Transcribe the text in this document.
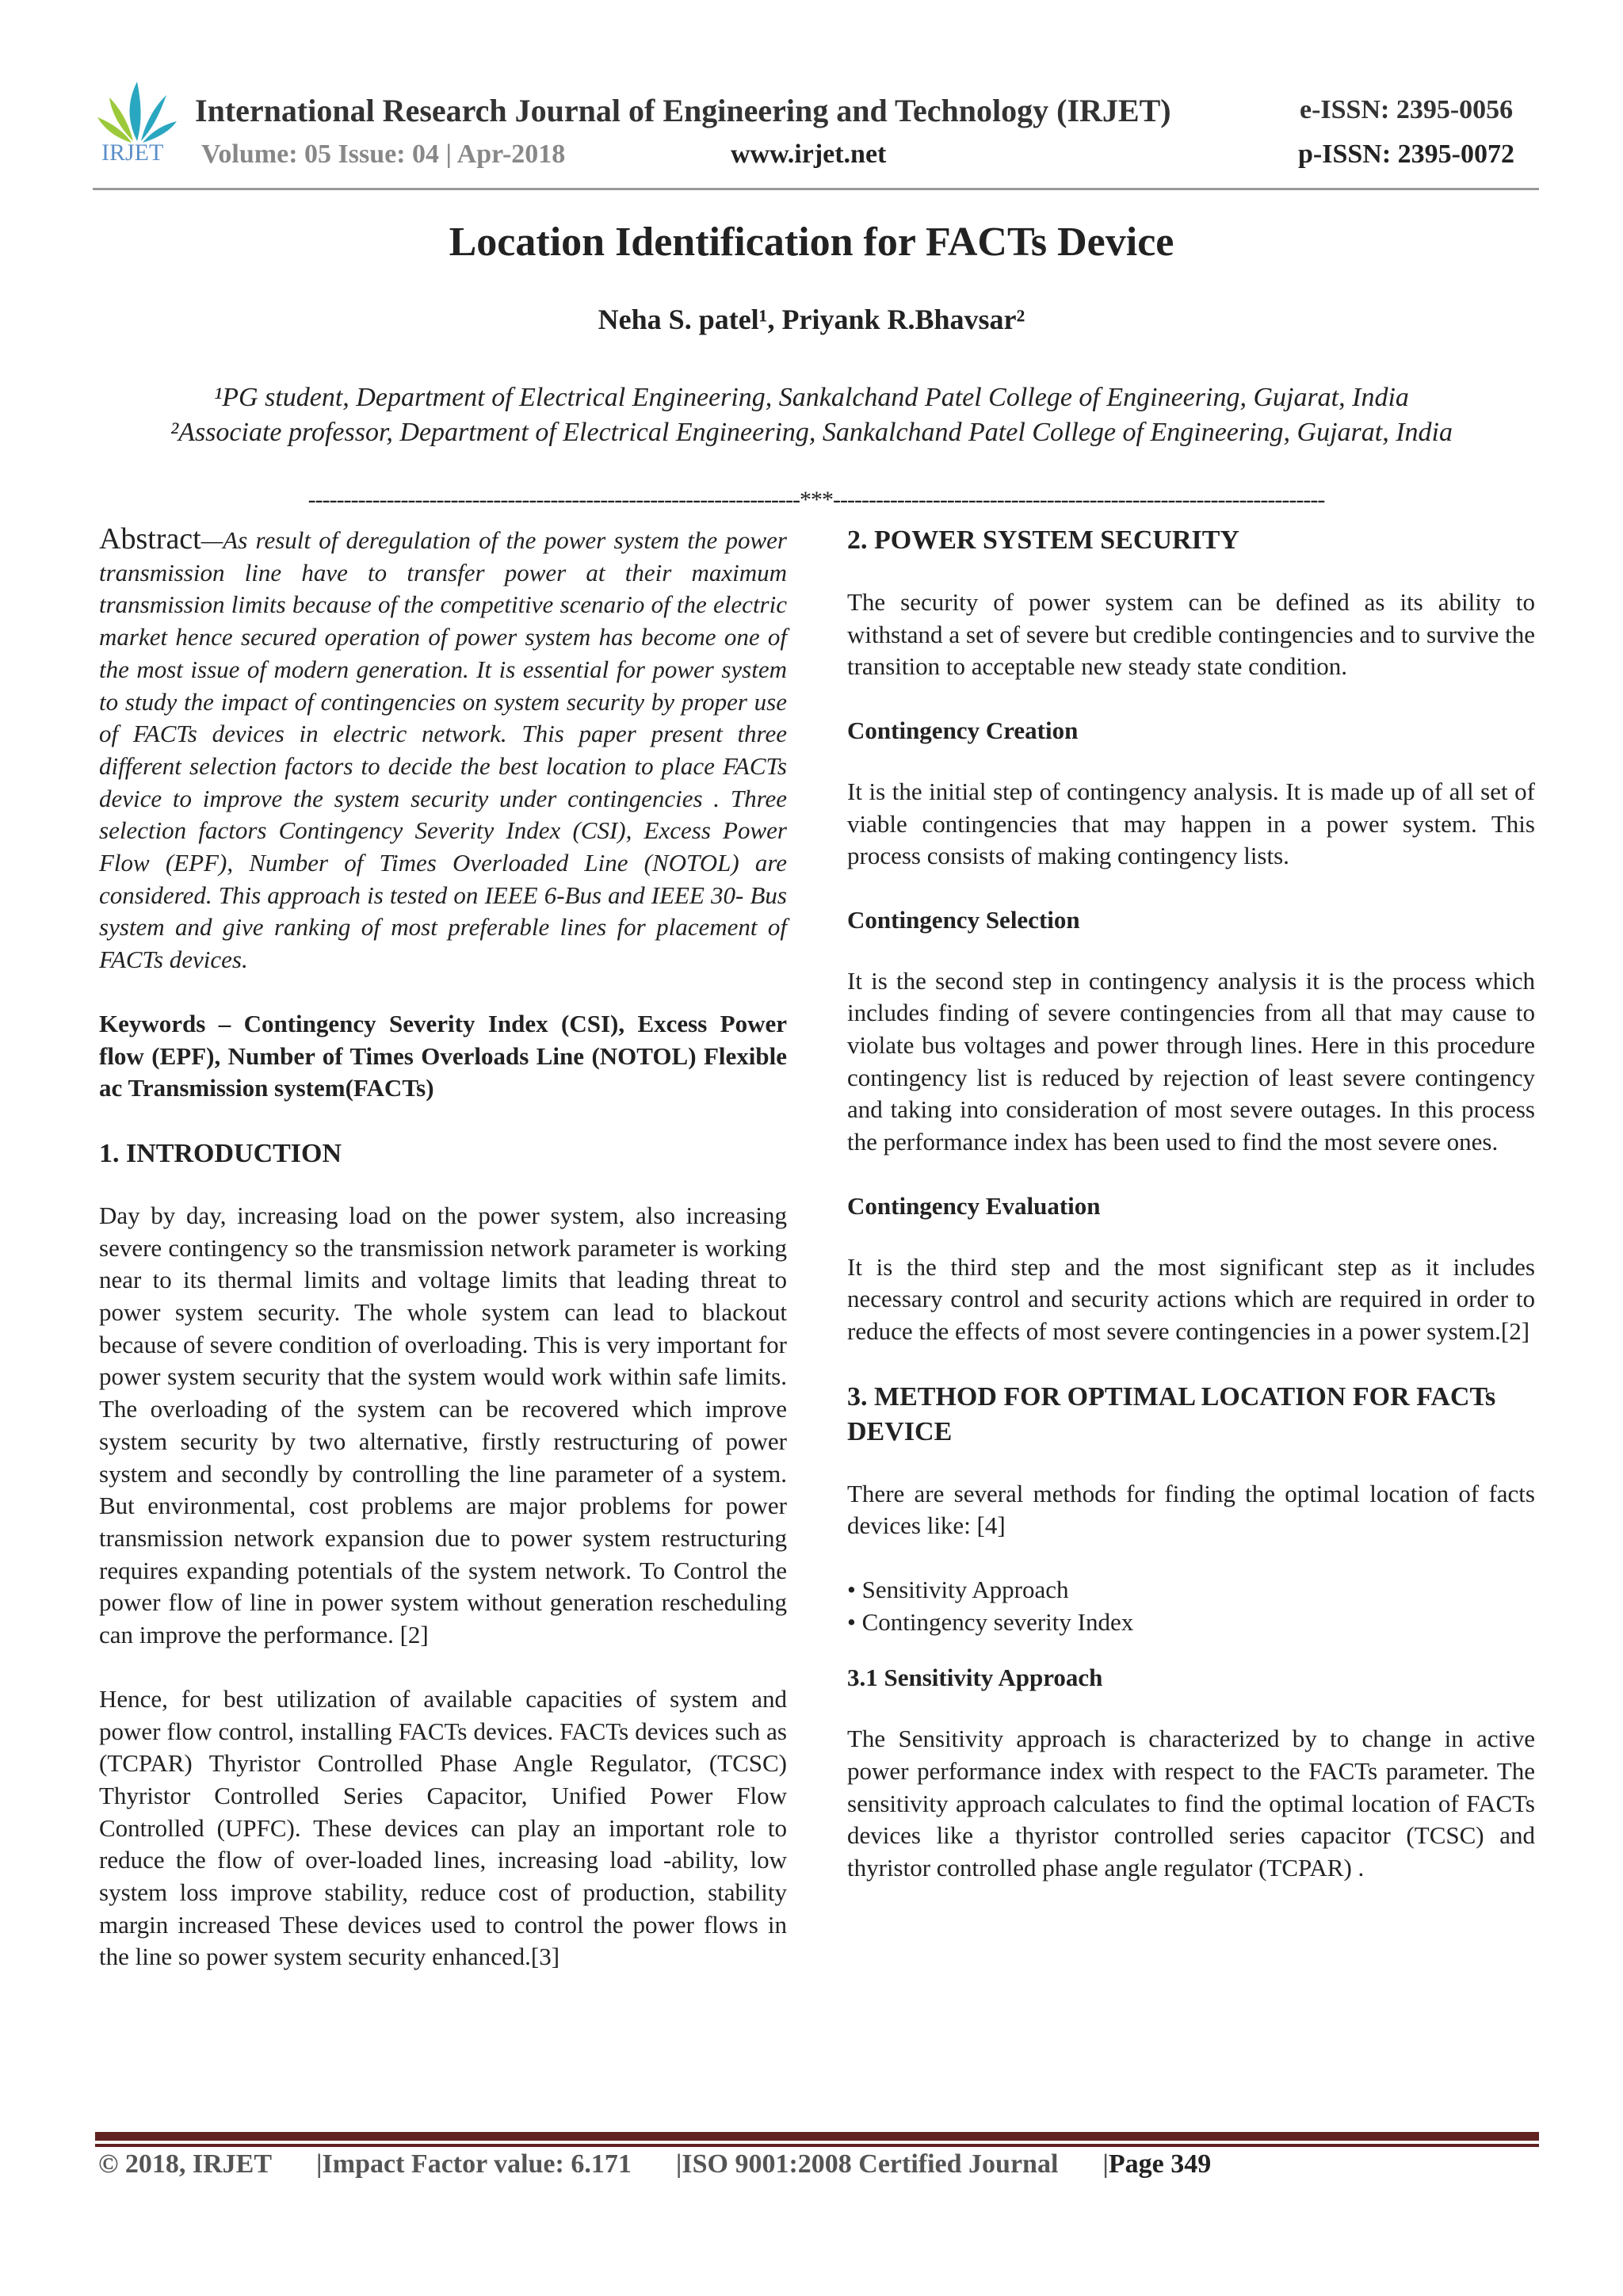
IRJET
International Research Journal of Engineering and Technology (IRJET)	e-ISSN: 2395-0056
Volume: 05 Issue: 04 | Apr-2018	www.irjet.net	p-ISSN: 2395-0072
Location Identification for FACTs Device
Neha S. patel¹, Priyank R.Bhavsar²
¹PG student, Department of Electrical Engineering, Sankalchand Patel College of Engineering, Gujarat, India
²Associate professor, Department of Electrical Engineering, Sankalchand Patel College of Engineering, Gujarat, India
---------------------------------------------------------------------***---------------------------------------------------------------------

Abstract—As result of deregulation of the power system the power transmission line have to transfer power at their maximum transmission limits because of the competitive scenario of the electric market hence secured operation of power system has become one of the most issue of modern generation. It is essential for power system to study the impact of contingencies on system security by proper use of FACTs devices in electric network. This paper present three different selection factors to decide the best location to place FACTs device to improve the system security under contingencies . Three selection factors Contingency Severity Index (CSI), Excess Power Flow (EPF), Number of Times Overloaded Line (NOTOL) are considered. This approach is tested on IEEE 6-Bus and IEEE 30- Bus system and give ranking of most preferable lines for placement of FACTs devices.

Keywords – Contingency Severity Index (CSI), Excess Power flow (EPF), Number of Times Overloads Line (NOTOL) Flexible ac Transmission system(FACTs)

1. INTRODUCTION

Day by day, increasing load on the power system, also increasing severe contingency so the transmission network parameter is working near to its thermal limits and voltage limits that leading threat to power system security. The whole system can lead to blackout because of severe condition of overloading. This is very important for power system security that the system would work within safe limits. The overloading of the system can be recovered which improve system security by two alternative, firstly restructuring of power system and secondly by controlling the line parameter of a system. But environmental, cost problems are major problems for power transmission network expansion due to power system restructuring requires expanding potentials of the system network. To Control the power flow of line in power system without generation rescheduling can improve the performance. [2]

Hence, for best utilization of available capacities of system and power flow control, installing FACTs devices. FACTs devices such as (TCPAR) Thyristor Controlled Phase Angle Regulator, (TCSC) Thyristor Controlled Series Capacitor, Unified Power Flow Controlled (UPFC). These devices can play an important role to reduce the flow of over-loaded lines, increasing load -ability, low system loss improve stability, reduce cost of production, stability margin increased These devices used to control the power flows in the line so power system security enhanced.[3]

2. POWER SYSTEM SECURITY

The security of power system can be defined as its ability to withstand a set of severe but credible contingencies and to survive the transition to acceptable new steady state condition.

Contingency Creation

It is the initial step of contingency analysis. It is made up of all set of viable contingencies that may happen in a power system. This process consists of making contingency lists.

Contingency Selection

It is the second step in contingency analysis it is the process which includes finding of severe contingencies from all that may cause to violate bus voltages and power through lines. Here in this procedure contingency list is reduced by rejection of least severe contingency and taking into consideration of most severe outages. In this process the performance index has been used to find the most severe ones.

Contingency Evaluation

It is the third step and the most significant step as it includes necessary control and security actions which are required in order to reduce the effects of most severe contingencies in a power system.[2]

3. METHOD FOR OPTIMAL LOCATION FOR FACTs DEVICE

There are several methods for finding the optimal location of facts devices like: [4]

• Sensitivity Approach
• Contingency severity Index
3.1 Sensitivity Approach

The Sensitivity approach is characterized by to change in active power performance index with respect to the FACTs parameter. The sensitivity approach calculates to find the optimal location of FACTs devices like a thyristor controlled series capacitor (TCSC) and thyristor controlled phase angle regulator (TCPAR) .

© 2018, IRJET |Impact Factor value: 6.171 |ISO 9001:2008 Certified Journal |Page 349
